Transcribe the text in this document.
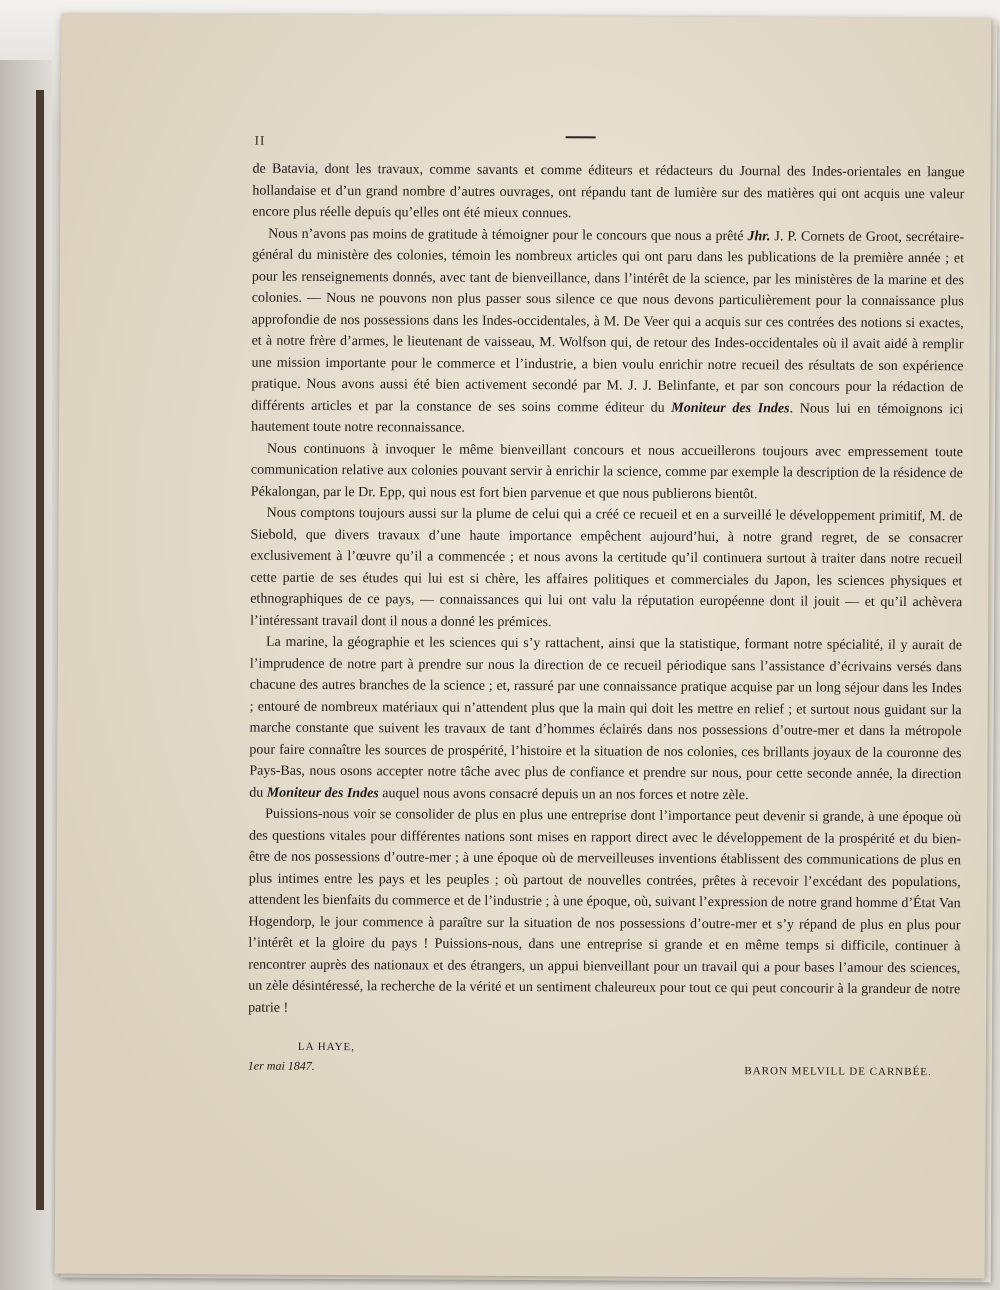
II

de Batavia, dont les travaux, comme savants et comme éditeurs et rédacteurs du Journal des Indes-orientales en langue hollandaise et d’un grand nombre d’autres ouvrages, ont répandu tant de lumière sur des matières qui ont acquis une valeur encore plus réelle depuis qu’elles ont été mieux connues.

Nous n’avons pas moins de gratitude à témoigner pour le concours que nous a prêté Jhr. J. P. Cornets de Groot, secrétaire-général du ministère des colonies, témoin les nombreux articles qui ont paru dans les publications de la première année ; et pour les renseignements donnés, avec tant de bienveillance, dans l’intérêt de la science, par les ministères de la marine et des colonies. — Nous ne pouvons non plus passer sous silence ce que nous devons particulièrement pour la connaissance plus approfondie de nos possessions dans les Indes-occidentales, à M. De Veer qui a acquis sur ces contrées des notions si exactes, et à notre frère d’armes, le lieutenant de vaisseau, M. Wolfson qui, de retour des Indes-occidentales où il avait aidé à remplir une mission importante pour le commerce et l’industrie, a bien voulu enrichir notre recueil des résultats de son expérience pratique. Nous avons aussi été bien activement secondé par M. J. J. Belinfante, et par son concours pour la rédaction de différents articles et par la constance de ses soins comme éditeur du Moniteur des Indes. Nous lui en témoignons ici hautement toute notre reconnaissance.

Nous continuons à invoquer le même bienveillant concours et nous accueillerons toujours avec empressement toute communication relative aux colonies pouvant servir à enrichir la science, comme par exemple la description de la résidence de Pékalongan, par le Dr. Epp, qui nous est fort bien parvenue et que nous publierons bientôt.

Nous comptons toujours aussi sur la plume de celui qui a créé ce recueil et en a surveillé le développement primitif, M. de Siebold, que divers travaux d’une haute importance empêchent aujourd’hui, à notre grand regret, de se consacrer exclusivement à l’œuvre qu’il a commencée ; et nous avons la certitude qu’il continuera surtout à traiter dans notre recueil cette partie de ses études qui lui est si chère, les affaires politiques et commerciales du Japon, les sciences physiques et ethnographiques de ce pays, — connaissances qui lui ont valu la réputation européenne dont il jouit — et qu’il achèvera l’intéressant travail dont il nous a donné les prémices.

La marine, la géographie et les sciences qui s’y rattachent, ainsi que la statistique, formant notre spécialité, il y aurait de l’imprudence de notre part à prendre sur nous la direction de ce recueil périodique sans l’assistance d’écrivains versés dans chacune des autres branches de la science ; et, rassuré par une connaissance pratique acquise par un long séjour dans les Indes ; entouré de nombreux matériaux qui n’attendent plus que la main qui doit les mettre en relief ; et surtout nous guidant sur la marche constante que suivent les travaux de tant d’hommes éclairés dans nos possessions d’outre-mer et dans la métropole pour faire connaître les sources de prospérité, l’histoire et la situation de nos colonies, ces brillants joyaux de la couronne des Pays-Bas, nous osons accepter notre tâche avec plus de confiance et prendre sur nous, pour cette seconde année, la direction du Moniteur des Indes auquel nous avons consacré depuis un an nos forces et notre zèle.

Puissions-nous voir se consolider de plus en plus une entreprise dont l’importance peut devenir si grande, à une époque où des questions vitales pour différentes nations sont mises en rapport direct avec le développement de la prospérité et du bien-être de nos possessions d’outre-mer ; à une époque où de merveilleuses inventions établissent des communications de plus en plus intimes entre les pays et les peuples ; où partout de nouvelles contrées, prêtes à recevoir l’excédant des populations, attendent les bienfaits du commerce et de l’industrie ; à une époque, où, suivant l’expression de notre grand homme d’État Van Hogendorp, le jour commence à paraître sur la situation de nos possessions d’outre-mer et s’y répand de plus en plus pour l’intérêt et la gloire du pays ! Puissions-nous, dans une entreprise si grande et en même temps si difficile, continuer à rencontrer auprès des nationaux et des étrangers, un appui bienveillant pour un travail qui a pour bases l’amour des sciences, un zèle désintéressé, la recherche de la vérité et un sentiment chaleureux pour tout ce qui peut concourir à la grandeur de notre patrie !

LA HAYE,
1er mai 1847.	BARON MELVILL DE CARNBÉE.
